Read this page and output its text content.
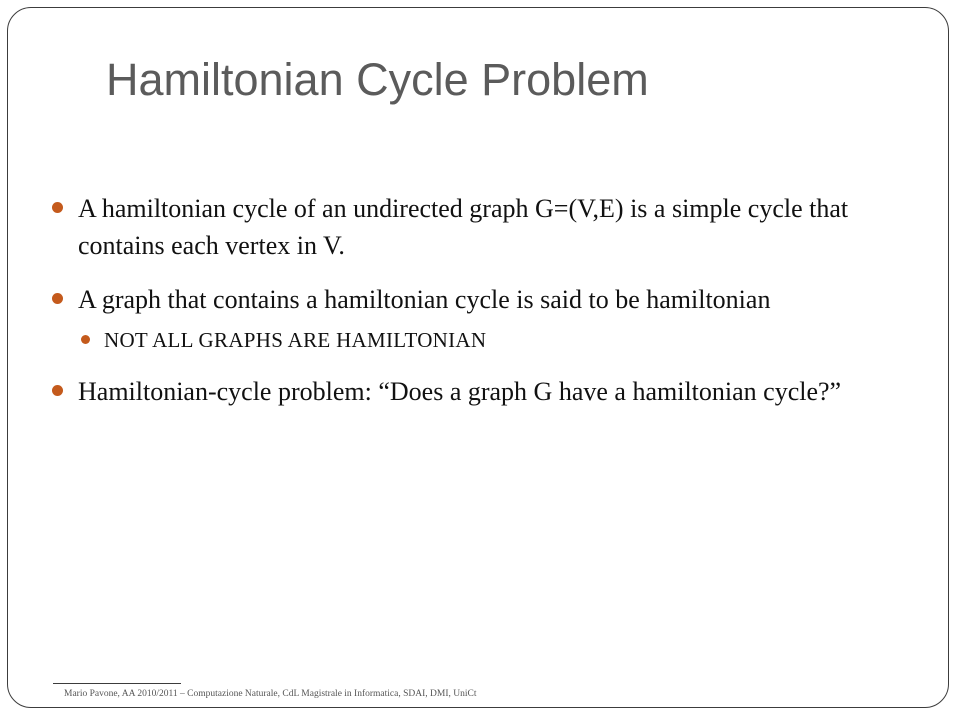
Hamiltonian Cycle Problem
A hamiltonian cycle of an undirected graph G=(V,E) is a simple cycle that contains each vertex in V.
A graph that contains a hamiltonian cycle is said to be hamiltonian
NOT ALL GRAPHS ARE HAMILTONIAN
Hamiltonian-cycle problem: “Does a graph G have a hamiltonian cycle?”
Mario Pavone, AA 2010/2011 – Computazione Naturale, CdL Magistrale in Informatica, SDAI, DMI, UniCt
